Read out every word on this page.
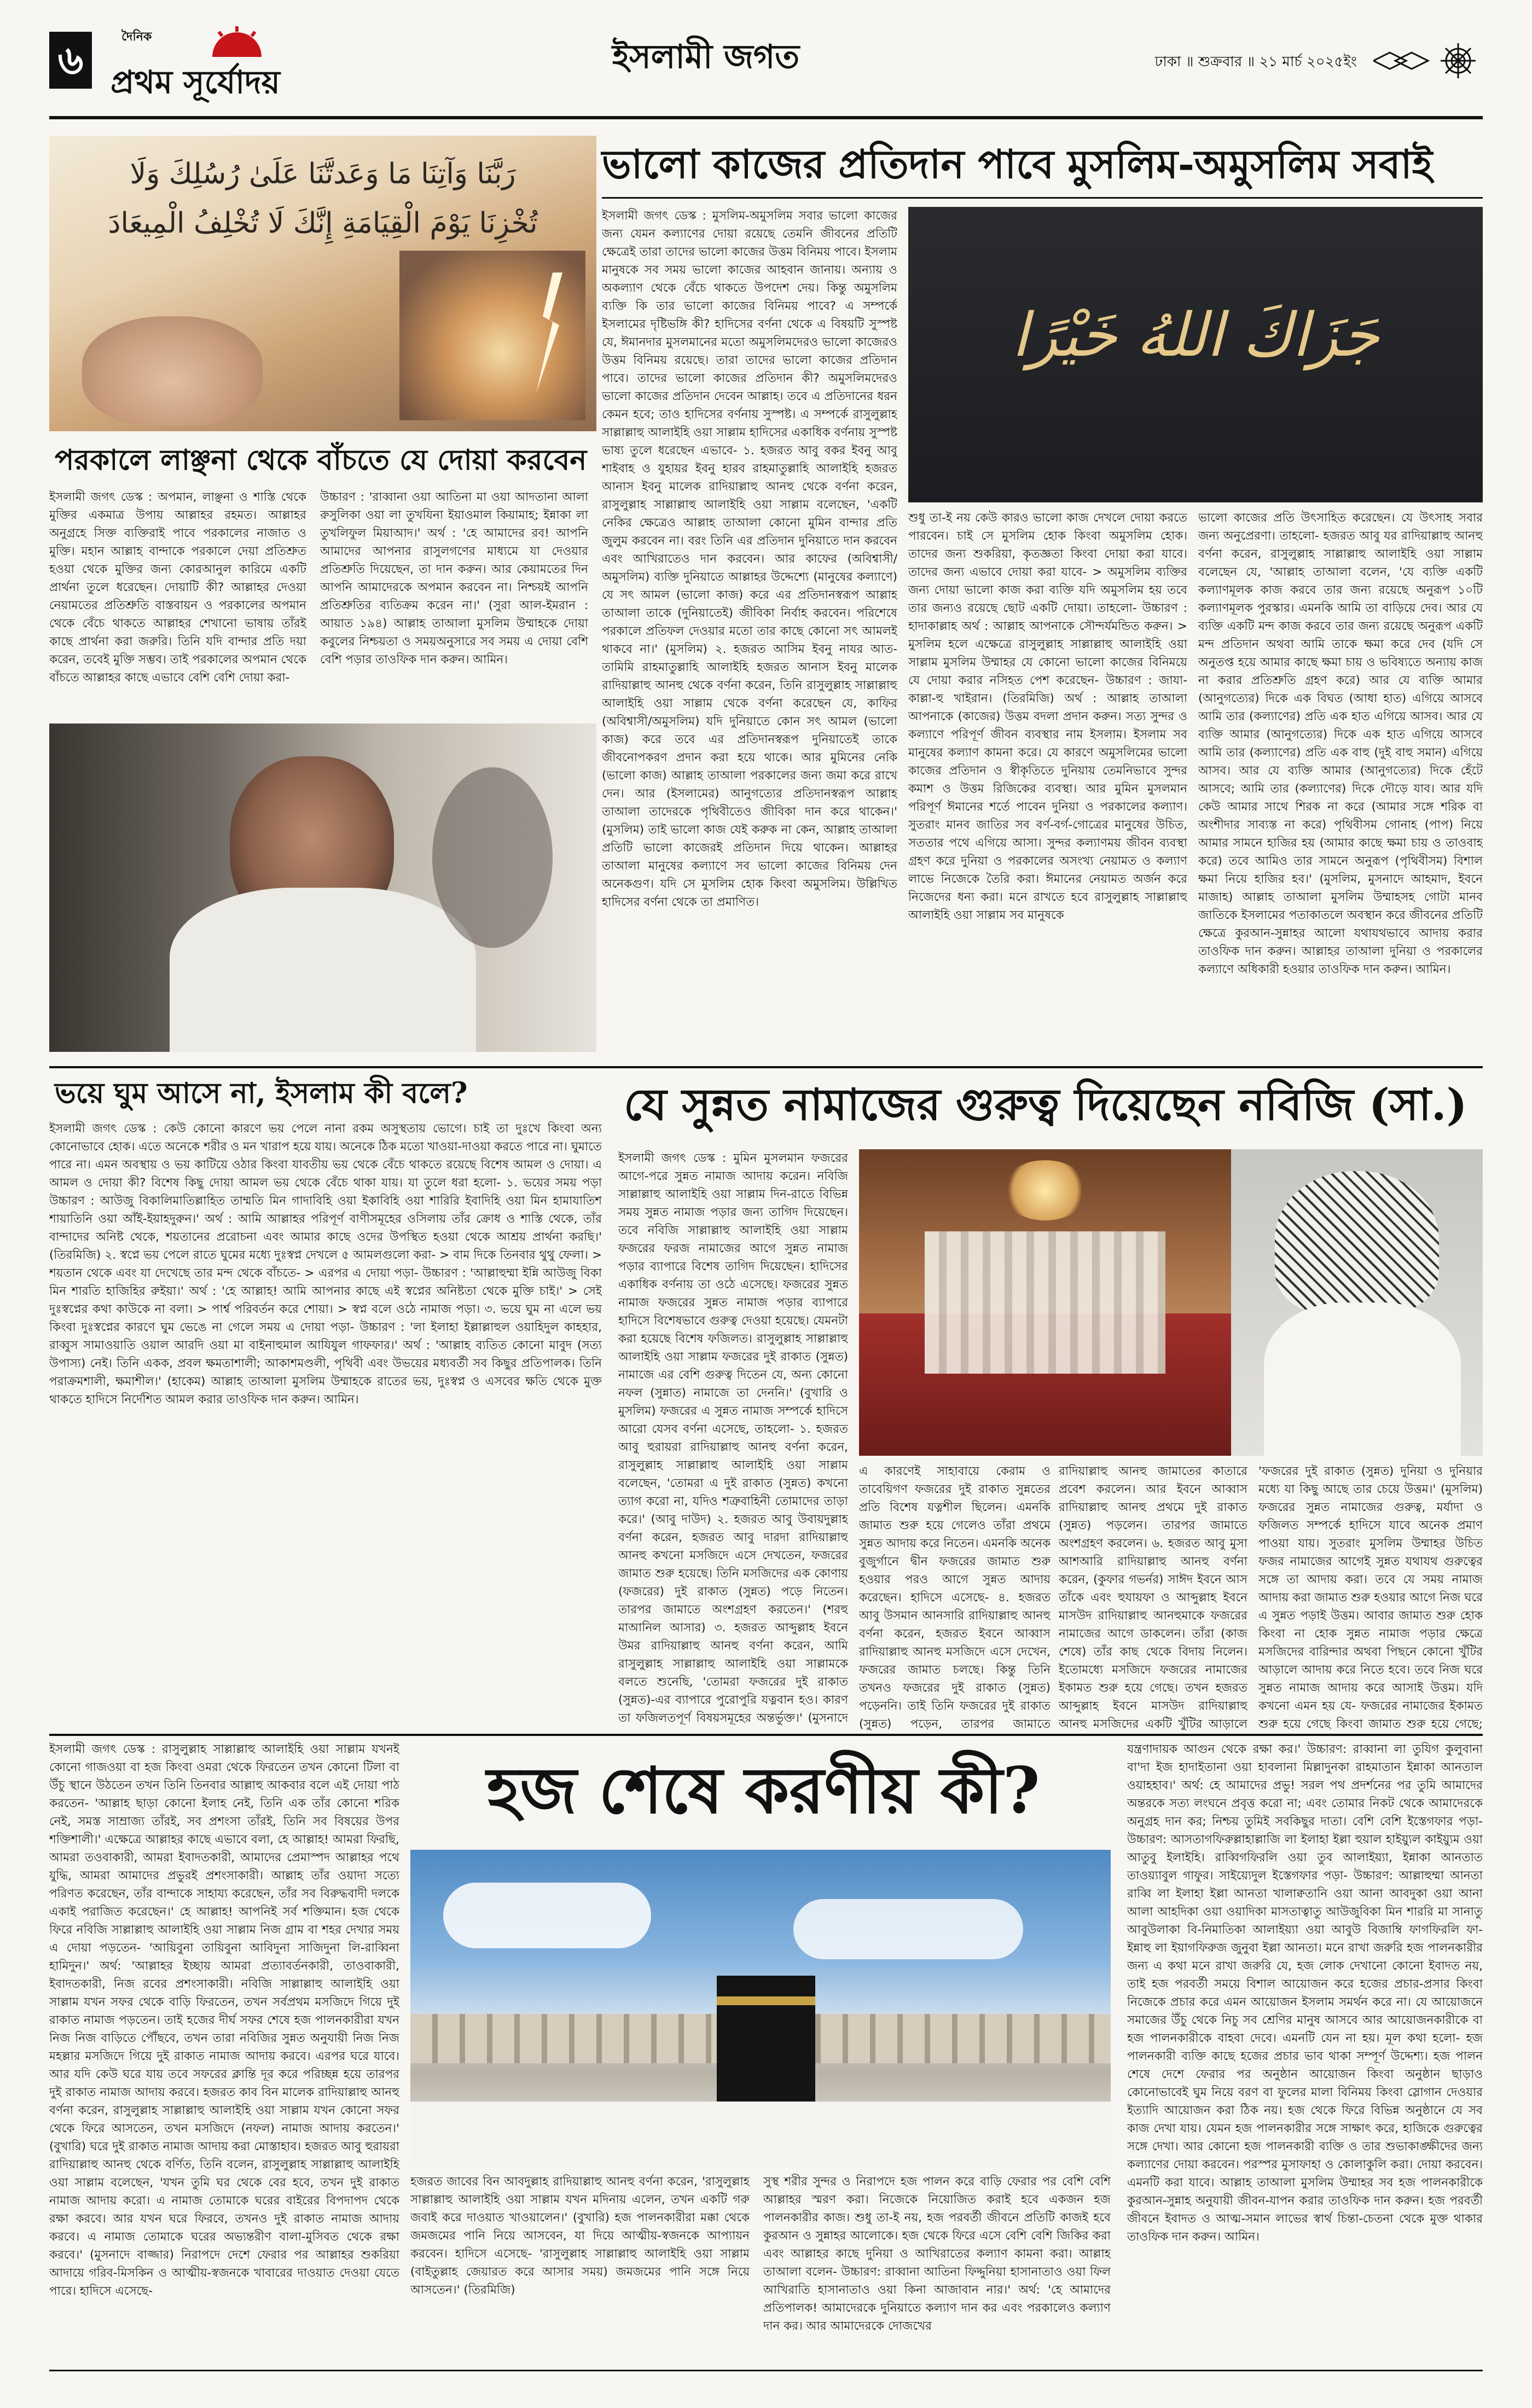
৬	দৈনিক
প্রথম সূর্যোদয়
ইসলামী জগত	ঢাকা ॥ শুক্রবার ॥ ২১ মার্চ ২০২৫ইং
رَبَّنَا وَآتِنَا مَا وَعَدتَّنَا عَلَىٰ رُسُلِكَ وَلَا
تُخْزِنَا يَوْمَ الْقِيَامَةِ إِنَّكَ لَا تُخْلِفُ الْمِيعَادَ
পরকালে লাঞ্ছনা থেকে বাঁচতে যে দোয়া করবেন

ইসলামী জগৎ ডেস্ক : অপমান, লাঞ্ছনা ও শাস্তি থেকে মুক্তির একমাত্র উপায় আল্লাহর রহমত। আল্লাহর অনুগ্রহে সিক্ত ব্যক্তিরাই পাবে পরকালের নাজাত ও মুক্তি। মহান আল্লাহ বান্দাকে পরকালে দেয়া প্রতিশ্রুত হওয়া থেকে মুক্তির জন্য কোরআনুল কারিমে একটি প্রার্থনা তুলে ধরেছেন। দোয়াটি কী? আল্লাহর দেওয়া নেয়ামতের প্রতিশ্রুতি বাস্তবায়ন ও পরকালের অপমান থেকে বেঁচে থাকতে আল্লাহর শেখানো ভাষায় তাঁরই কাছে প্রার্থনা করা জরুরি। তিনি যদি বান্দার প্রতি দয়া করেন, তবেই মুক্তি সম্ভব। তাই পরকালের অপমান থেকে বাঁচতে আল্লাহর কাছে এভাবে বেশি বেশি দোয়া করা-

উচ্চারণ : 'রাব্বানা ওয়া আতিনা মা ওয়া আদতানা আলা রুসুলিকা ওয়া লা তুখযিনা ইয়াওমাল কিয়ামাহ; ইন্নাকা লা তুখলিফুল মিয়াআদ।' অর্থ : 'হে আমাদের রব! আপনি আমাদের আপনার রাসুলগণের মাধ্যমে যা দেওয়ার প্রতিশ্রুতি দিয়েছেন, তা দান করুন। আর কেয়ামতের দিন আপনি আমাদেরকে অপমান করবেন না। নিশ্চয়ই আপনি প্রতিশ্রুতির ব্যতিক্রম করেন না।' (সুরা আল-ইমরান : আয়াত ১৯৪) আল্লাহ তাআলা মুসলিম উম্মাহকে দোয়া কবুলের নিশ্চয়তা ও সময়অনুসারে সব সময় এ দোয়া বেশি বেশি পড়ার তাওফিক দান করুন। আমিন।

ভালো কাজের প্রতিদান পাবে মুসলিম-অমুসলিম সবাই

ইসলামী জগৎ ডেস্ক : মুসলিম-অমুসলিম সবার ভালো কাজের জন্য যেমন কল্যাণের দোয়া রয়েছে তেমনি জীবনের প্রতিটি ক্ষেত্রেই তারা তাদের ভালো কাজের উত্তম বিনিময় পাবে। ইসলাম মানুষকে সব সময় ভালো কাজের আহবান জানায়। অন্যায় ও অকল্যাণ থেকে বেঁচে থাকতে উপদেশ দেয়। কিন্তু অমুসলিম ব্যক্তি কি তার ভালো কাজের বিনিময় পাবে? এ সম্পর্কে ইসলামের দৃষ্টিভঙ্গি কী? হাদিসের বর্ণনা থেকে এ বিষয়টি সুস্পষ্ট যে, ঈমানদার মুসলমানের মতো অমুসলিমদেরও ভালো কাজেরও উত্তম বিনিময় রয়েছে। তারা তাদের ভালো কাজের প্রতিদান পাবে। তাদের ভালো কাজের প্রতিদান কী? অমুসলিমদেরও ভালো কাজের প্রতিদান দেবেন আল্লাহ। তবে এ প্রতিদানের ধরন কেমন হবে; তাও হাদিসের বর্ণনায় সুস্পষ্ট। এ সম্পর্কে রাসুলুল্লাহ সাল্লাল্লাহু আলাইহি ওয়া সাল্লাম হাদিসের একাধিক বর্ণনায় সুস্পষ্ট ভাষ্য তুলে ধরেছেন এভাবে- ১. হজরত আবু বকর ইবনু আবু শাইবাহ ও যুহায়র ইবনু হারব রাহমাতুল্লাহি আলাইহি হজরত আনাস ইবনু মালেক রাদিয়াল্লাহু আনহু থেকে বর্ণনা করেন, রাসুলুল্লাহ সাল্লাল্লাহু আলাইহি ওয়া সাল্লাম বলেছেন, 'একটি নেকির ক্ষেত্রেও আল্লাহ তাআলা কোনো মুমিন বান্দার প্রতি জুলুম করবেন না। বরং তিনি এর প্রতিদান দুনিয়াতে দান করবেন এবং আখিরাতেও দান করবেন। আর কাফের (অবিশ্বাসী/অমুসলিম) ব্যক্তি দুনিয়াতে আল্লাহর উদ্দেশ্যে (মানুষের কল্যাণে) যে সৎ আমল (ভালো কাজ) করে এর প্রতিদানস্বরূপ আল্লাহ তাআলা তাকে (দুনিয়াতেই) জীবিকা নির্বাহ করবেন। পরিশেষে পরকালে প্রতিফল দেওয়ার মতো তার কাছে কোনো সৎ আমলই থাকবে না।' (মুসলিম) ২. হজরত আসিম ইবনু নাযর আত-তামিমি রাহমাতুল্লাহি আলাইহি হজরত আনাস ইবনু মালেক রাদিয়াল্লাহু আনহু থেকে বর্ণনা করেন, তিনি রাসুলুল্লাহ সাল্লাল্লাহু আলাইহি ওয়া সাল্লাম থেকে বর্ণনা করেছেন যে, কাফির (অবিশ্বাসী/অমুসলিম) যদি দুনিয়াতে কোন সৎ আমল (ভালো কাজ) করে তবে এর প্রতিদানস্বরূপ দুনিয়াতেই তাকে জীবনোপকরণ প্রদান করা হয়ে থাকে। আর মুমিনের নেকি (ভালো কাজ) আল্লাহ তাআলা পরকালের জন্য জমা করে রাখে দেন। আর (ইসলামের) আনুগত্যের প্রতিদানস্বরূপ আল্লাহ তাআলা তাদেরকে পৃথিবীতেও জীবিকা দান করে থাকেন।' (মুসলিম) তাই ভালো কাজ যেই করুক না কেন, আল্লাহ তাআলা প্রতিটি ভালো কাজেরই প্রতিদান দিয়ে থাকেন। আল্লাহর তাআলা মানুষের কল্যাণে সব ভালো কাজের বিনিময় দেন অনেকগুণ। যদি সে মুসলিম হোক কিংবা অমুসলিম। উল্লিখিত হাদিসের বর্ণনা থেকে তা প্রমাণিত।

جَزَاكَ اللهُ خَيْرًا

শুধু তা-ই নয় কেউ কারও ভালো কাজ দেখলে দোয়া করতে পারবেন। চাই সে মুসলিম হোক কিংবা অমুসলিম হোক। তাদের জন্য শুকরিয়া, কৃতজ্ঞতা কিংবা দোয়া করা যাবে। তাদের জন্য এভাবে দোয়া করা যাবে- > অমুসলিম ব্যক্তির জন্য দোয়া ভালো কাজ করা ব্যক্তি যদি অমুসলিম হয় তবে তার জন্যও রয়েছে ছোট একটি দোয়া। তাহলো- উচ্চারণ : হাদাকাল্লাহ অর্থ : আল্লাহ আপনাকে সৌন্দর্যমন্ডিত করুন। > মুসলিম হলে এক্ষেত্রে রাসুলুল্লাহ সাল্লাল্লাহু আলাইহি ওয়া সাল্লাম মুসলিম উম্মাহর যে কোনো ভালো কাজের বিনিময়ে যে দোয়া করার নসিহত পেশ করেছেন- উচ্চারণ : জাযা-কাল্লা-হু খাইরান। (তিরমিজি) অর্থ : আল্লাহ তাআলা আপনাকে (কাজের) উত্তম বদলা প্রদান করুন। সত্য সুন্দর ও কল্যাণে পরিপূর্ণ জীবন ব্যবস্থার নাম ইসলাম। ইসলাম সব মানুষের কল্যাণ কামনা করে। যে কারণে অমুসলিমের ভালো কাজের প্রতিদান ও স্বীকৃতিতে দুনিয়ায় তেমনিভাবে সুন্দর কমাশ ও উত্তম রিজিকের ব্যবস্থা। আর মুমিন মুসলমান পরিপূর্ণ ঈমানের শর্তে পাবেন দুনিয়া ও পরকালের কল্যাণ। সুতরাং মানব জাতির সব বর্ণ-বর্গ-গোত্রের মানুষের উচিত, সততার পথে এগিয়ে আসা। সুন্দর কল্যাণময় জীবন ব্যবস্থা গ্রহণ করে দুনিয়া ও পরকালের অসংখ্য নেয়ামত ও কল্যাণ লাভে নিজেকে তৈরি করা। ঈমানের নেয়ামত অর্জন করে নিজেদের ধন্য করা। মনে রাখতে হবে রাসুলুল্লাহ সাল্লাল্লাহু আলাইহি ওয়া সাল্লাম সব মানুষকে

ভালো কাজের প্রতি উৎসাহিত করেছেন। যে উৎসাহ সবার জন্য অনুপ্রেরণা। তাহলো- হজরত আবু যর রাদিয়াল্লাহু আনহু বর্ণনা করেন, রাসুলুল্লাহ সাল্লাল্লাহু আলাইহি ওয়া সাল্লাম বলেছেন যে, 'আল্লাহ তাআলা বলেন, 'যে ব্যক্তি একটি কল্যাণমূলক কাজ করবে তার জন্য রয়েছে অনুরূপ ১০টি কল্যাণমূলক পুরস্কার। এমনকি আমি তা বাড়িয়ে দেব। আর যে ব্যক্তি একটি মন্দ কাজ করবে তার জন্য রয়েছে অনুরূপ একটি মন্দ প্রতিদান অথবা আমি তাকে ক্ষমা করে দেব (যদি সে অনুতপ্ত হয়ে আমার কাছে ক্ষমা চায় ও ভবিষ্যতে অন্যায় কাজ না করার প্রতিশ্রুতি গ্রহণ করে) আর যে ব্যক্তি আমার (আনুগত্যের) দিকে এক বিঘত (আধা হাত) এগিয়ে আসবে আমি তার (কল্যাণের) প্রতি এক হাত এগিয়ে আসব। আর যে ব্যক্তি আমার (আনুগত্যের) দিকে এক হাত এগিয়ে আসবে আমি তার (কল্যাণের) প্রতি এক বাহু (দুই বাহু সমান) এগিয়ে আসব। আর যে ব্যক্তি আমার (আনুগত্যের) দিকে হেঁটে আসবে; আমি তার (কল্যাণের) দিকে দৌড়ে যাব। আর যদি কেউ আমার সাথে শিরক না করে (আমার সঙ্গে শরিক বা অংশীদার সাব্যস্ত না করে) পৃথিবীসম গোনাহ (পাপ) নিয়ে আমার সামনে হাজির হয় (আমার কাছে ক্ষমা চায় ও তাওবাহ করে) তবে আমিও তার সামনে অনুরূপ (পৃথিবীসম) বিশাল ক্ষমা নিয়ে হাজির হব।' (মুসলিম, মুসনাদে আহমাদ, ইবনে মাজাহ) আল্লাহ তাআলা মুসলিম উম্মাহসহ গোটা মানব জাতিকে ইসলামের পতাকাতলে অবস্থান করে জীবনের প্রতিটি ক্ষেত্রে কুরআন-সুন্নাহর আলো যথাযথভাবে আদায় করার তাওফিক দান করুন। আল্লাহর তাআলা দুনিয়া ও পরকালের কল্যাণে অধিকারী হওয়ার তাওফিক দান করুন। আমিন।

ভয়ে ঘুম আসে না, ইসলাম কী বলে?

ইসলামী জগৎ ডেস্ক : কেউ কোনো কারণে ভয় পেলে নানা রকম অসুস্থতায় ভোগে। চাই তা দুঃখে কিংবা অন্য কোনোভাবে হোক। এতে অনেকে শরীর ও মন খারাপ হয়ে যায়। অনেকে ঠিক মতো খাওয়া-দাওয়া করতে পারে না। ঘুমাতে পারে না। এমন অবস্থায় ও ভয় কাটিয়ে ওঠার কিংবা যাবতীয় ভয় থেকে বেঁচে থাকতে রয়েছে বিশেষ আমল ও দোয়া। এ আমল ও দোয়া কী? বিশেষ কিছু দোয়া আমল ভয় থেকে বেঁচে থাকা যায়। যা তুলে ধরা হলো- ১. ভয়ের সময় পড়া উচ্চারণ : আউজু বিকালিমাতিল্লাহিত তাম্মতি মিন গাদাবিহি ওয়া ইকাবিহি ওয়া শারিরি ইবাদিহি ওয়া মিন হামাযাতিশ শায়াতিনি ওয়া আঁই-ইয়াহদুরুন।' অর্থ : আমি আল্লাহর পরিপূর্ণ বাণীসমূহের ওসিলায় তাঁর ক্রোধ ও শাস্তি থেকে, তাঁর বান্দাদের অনিষ্ট থেকে, শয়তানের প্ররোচনা এবং আমার কাছে ওদের উপস্থিত হওয়া থেকে আশ্রয় প্রার্থনা করছি।' (তিরমিজি) ২. স্বপ্নে ভয় পেলে রাতে ঘুমের মধ্যে দুঃস্বপ্ন দেখলে ৫ আমলগুলো করা- > বাম দিকে তিনবার থুথু ফেলা। > শয়তান থেকে এবং যা দেখেছে তার মন্দ থেকে বাঁচতে- > এরপর এ দোয়া পড়া- উচ্চারণ : 'আল্লাহুম্মা ইন্নি আউজু বিকা মিন শারতি হাজিহির রুইয়া।' অর্থ : 'হে আল্লাহ! আমি আপনার কাছে এই স্বপ্নের অনিষ্টতা থেকে মুক্তি চাই।' > সেই দুঃস্বপ্নের কথা কাউকে না বলা। > পার্শ্ব পরিবর্তন করে শোয়া। > স্বপ্ন বলে ওঠে নামাজ পড়া। ৩. ভয়ে ঘুম না এলে ভয় কিংবা দুঃস্বপ্নের কারণে ঘুম ভেঙে না গেলে সময় এ দোয়া পড়া- উচ্চারণ : 'লা ইলাহা ইল্লাল্লাহুল ওয়াহিদুল কাহহার, রাব্বুস সামাওয়াতি ওয়াল আরদি ওয়া মা বাইনাহুমাল আযিযুল গাফফার।' অর্থ : 'আল্লাহ ব্যতিত কোনো মাবুদ (সত্য উপাস্য) নেই। তিনি একক, প্রবল ক্ষমতাশালী; আকাশমণ্ডলী, পৃথিবী এবং উভয়ের মধ্যবর্তী সব কিছুর প্রতিপালক। তিনি পরাক্রমশালী, ক্ষমাশীল।' (হাকেম) আল্লাহ তাআলা মুসলিম উম্মাহকে রাতের ভয়, দুঃস্বপ্ন ও এসবের ক্ষতি থেকে মুক্ত থাকতে হাদিসে নির্দেশিত আমল করার তাওফিক দান করুন। আমিন।

যে সুন্নত নামাজের গুরুত্ব দিয়েছেন নবিজি (সা.)

ইসলামী জগৎ ডেস্ক : মুমিন মুসলমান ফজরের আগে-পরে সুন্নত নামাজ আদায় করেন। নবিজি সাল্লাল্লাহু আলাইহি ওয়া সাল্লাম দিন-রাতে বিভিন্ন সময় সুন্নত নামাজ পড়ার জন্য তাগিদ দিয়েছেন। তবে নবিজি সাল্লাল্লাহু আলাইহি ওয়া সাল্লাম ফজরের ফরজ নামাজের আগে সুন্নত নামাজ পড়ার ব্যাপারে বিশেষ তাগিদ দিয়েছেন। হাদিসের একাধিক বর্ণনায় তা ওঠে এসেছে। ফজরের সুন্নত নামাজ ফজরের সুন্নত নামাজ পড়ার ব্যাপারে হাদিসে বিশেষভাবে গুরুত্ব দেওয়া হয়েছে। যেমনটা করা হয়েছে বিশেষ ফজিলত। রাসুলুল্লাহ সাল্লাল্লাহু আলাইহি ওয়া সাল্লাম ফজরের দুই রাকাত (সুন্নত) নামাজে এর বেশি গুরুত্ব দিতেন যে, অন্য কোনো নফল (সুন্নাত) নামাজে তা দেননি।' (বুখারি ও মুসলিম) ফজরের এ সুন্নত নামাজ সম্পর্কে হাদিসে আরো যেসব বর্ণনা এসেছে, তাহলো- ১. হজরত আবু হুরায়রা রাদিয়াল্লাহু আনহু বর্ণনা করেন, রাসুলুল্লাহ সাল্লাল্লাহু আলাইহি ওয়া সাল্লাম বলেছেন, 'তোমরা এ দুই রাকাত (সুন্নত) কখনো ত্যাগ করো না, যদিও শত্রুবাহিনী তোমাদের তাড়া করে।' (আবু দাউদ) ২. হজরত আবু উবায়দুল্লাহ বর্ণনা করেন, হজরত আবু দারদা রাদিয়াল্লাহু আনহু কখনো মসজিদে এসে দেখতেন, ফজরের জামাত শুরু হয়েছে। তিনি মসজিদের এক কোণায় (ফজরের) দুই রাকাত (সুন্নত) পড়ে নিতেন। তারপর জামাতে অংশগ্রহণ করতেন।' (শরহু মাআনিল আসার) ৩. হজরত আব্দুল্লাহ ইবনে উমর রাদিয়াল্লাহু আনহু বর্ণনা করেন, আমি রাসুলুল্লাহ সাল্লাল্লাহু আলাইহি ওয়া সাল্লামকে বলতে শুনেছি, 'তোমরা ফজরের দুই রাকাত (সুন্নত)-এর ব্যাপারে পুরোপুরি যত্নবান হও। কারণ তা ফজিলতপূর্ণ বিষয়সমূহের অন্তর্ভুক্ত।' (মুসনাদে

এ কারণেই সাহাবায়ে কেরাম ও তাবেয়িগণ ফজরের দুই রাকাত সুন্নতের প্রতি বিশেষ যত্নশীল ছিলেন। এমনকি জামাত শুরু হয়ে গেলেও তাঁরা প্রথমে সুন্নত আদায় করে নিতেন। এমনকি অনেক বুজুর্গানে দ্বীন ফজরের জামাত শুরু হওয়ার পরও আগে সুন্নত আদায় করেছেন। হাদিসে এসেছে- ৪. হজরত আবু উসমান আনসারি রাদিয়াল্লাহু আনহু বর্ণনা করেন, হজরত ইবনে আব্বাস রাদিয়াল্লাহু আনহু মসজিদে এসে দেখেন, ফজরের জামাত চলছে। কিন্তু তিনি তখনও ফজরের দুই রাকাত (সুন্নত) পড়েননি। তাই তিনি ফজরের দুই রাকাত (সুন্নত) পড়েন, তারপর জামাতে

রাদিয়াল্লাহু আনহু জামাতের কাতারে প্রবেশ করলেন। আর ইবনে আব্বাস রাদিয়াল্লাহু আনহু প্রথমে দুই রাকাত (সুন্নত) পড়লেন। তারপর জামাতে অংশগ্রহণ করলেন। ৬. হজরত আবু মুসা আশআরি রাদিয়াল্লাহু আনহু বর্ণনা করেন, (কুফার গভর্নর) সাঈদ ইবনে আস তাঁকে এবং হুযায়ফা ও আব্দুল্লাহ ইবনে মাসউদ রাদিয়াল্লাহু আনহুমাকে ফজরের নামাজের আগে ডাকলেন। তাঁরা (কাজ শেষে) তাঁর কাছ থেকে বিদায় নিলেন। ইতোমধ্যে মসজিদে ফজরের নামাজের ইকামত শুরু হয়ে গেছে। তখন হজরত আব্দুল্লাহ ইবনে মাসউদ রাদিয়াল্লাহু আনহু মসজিদের একটি খুঁটির আড়ালে

'ফজরের দুই রাকাত (সুন্নত) দুনিয়া ও দুনিয়ার মধ্যে যা কিছু আছে তার চেয়ে উত্তম।' (মুসলিম) ফজরের সুন্নত নামাজের গুরুত্ব, মর্যাদা ও ফজিলত সম্পর্কে হাদিসে যাবে অনেক প্রমাণ পাওয়া যায়। সুতরাং মুসলিম উম্মাহর উচিত ফজর নামাজের আগেই সুন্নত যথাযথ গুরুত্বের সঙ্গে তা আদায় করা। তবে যে সময় নামাজ আদায় করা জামাত শুরু হওয়ার আগে নিজ ঘরে এ সুন্নত পড়াই উত্তম। আবার জামাত শুরু হোক কিংবা না হোক সুন্নত নামাজ পড়ার ক্ষেত্রে মসজিদের বারিন্দার অথবা পিছনে কোনো খুঁটির আড়ালে আদায় করে নিতে হবে। তবে নিজ ঘরে সুন্নত নামাজ আদায় করে আসাই উত্তম। যদি কখনো এমন হয় যে- ফজরের নামাজের ইকামত শুরু হয়ে গেছে কিংবা জামাত শুরু হয়ে গেছে;

ইসলামী জগৎ ডেস্ক : রাসুলুল্লাহ সাল্লাল্লাহু আলাইহি ওয়া সাল্লাম যখনই কোনো গাজওয়া বা হজ কিংবা ওমরা থেকে ফিরতেন তখন কোনো টিলা বা উঁচু স্থানে উঠতেন তখন তিনি তিনবার আল্লাহু আকবার বলে এই দোয়া পাঠ করতেন- 'আল্লাহ ছাড়া কোনো ইলাহ নেই, তিনি এক তাঁর কোনো শরিক নেই, সমস্ত সাম্রাজ্য তাঁরই, সব প্রশংসা তাঁরই, তিনি সব বিষয়ের উপর শক্তিশালী।' এক্ষেত্রে আল্লাহর কাছে এভাবে বলা, হে আল্লাহ! আমরা ফিরছি, আমরা তওবাকারী, আমরা ইবাদতকারী, আমাদের প্রেমাস্পদ আল্লাহর পথে যুদ্ধি, আমরা আমাদের প্রভুরই প্রশংসাকারী। আল্লাহ তাঁর ওয়াদা সত্যে পরিণত করেছেন, তাঁর বান্দাকে সাহায্য করেছেন, তাঁর সব বিরুদ্ধবাদী দলকে একাই পরাজিত করেছেন।' হে আল্লাহ! আপনিই সর্ব শক্তিমান। হজ থেকে ফিরে নবিজি সাল্লাল্লাহু আলাইহি ওয়া সাল্লাম নিজ গ্রাম বা শহর দেখার সময় এ দোয়া পড়তেন- 'আয়িবুনা তায়িবুনা আবিদুনা সাজিদুনা লি-রাব্বিনা হামিদুন।' অর্থ: 'আল্লাহর ইচ্ছায় আমরা প্রত্যাবর্তনকারী, তাওবাকারী, ইবাদতকারী, নিজ রবের প্রশংসাকারী। নবিজি সাল্লাল্লাহু আলাইহি ওয়া সাল্লাম যখন সফর থেকে বাড়ি ফিরতেন, তখন সর্বপ্রথম মসজিদে গিয়ে দুই রাকাত নামাজ পড়তেন। তাই হজের দীর্ঘ সফর শেষে হজ পালনকারীরা যখন নিজ নিজ বাড়িতে পৌঁছবে, তখন তারা নবিজির সুন্নত অনুযায়ী নিজ নিজ মহল্লার মসজিদে গিয়ে দুই রাকাত নামাজ আদায় করবে। এরপর ঘরে যাবে। আর যদি কেউ ঘরে যায় তবে সফরের ক্লান্তি দূর করে পরিচ্ছন্ন হয়ে তারপর দুই রাকাত নামাজ আদায় করবে। হজরত কাব বিন মালেক রাদিয়াল্লাহু আনহু বর্ণনা করেন, রাসুলুল্লাহ সাল্লাল্লাহু আলাইহি ওয়া সাল্লাম যখন কোনো সফর থেকে ফিরে আসতেন, তখন মসজিদে (নফল) নামাজ আদায় করতেন।' (বুখারি) ঘরে দুই রাকাত নামাজ আদায় করা মোস্তাহাব। হজরত আবু হুরায়রা রাদিয়াল্লাহু আনহু থেকে বর্ণিত, তিনি বলেন, রাসুলুল্লাহ সাল্লাল্লাহু আলাইহি ওয়া সাল্লাম বলেছেন, 'যখন তুমি ঘর থেকে বের হবে, তখন দুই রাকাত নামাজ আদায় করো। এ নামাজ তোমাকে ঘরের বাইরের বিপদাপদ থেকে রক্ষা করবে। আর যখন ঘরে ফিরবে, তখনও দুই রাকাত নামাজ আদায় করবে। এ নামাজ তোমাকে ঘরের অভ্যন্তরীণ বালা-মুসিবত থেকে রক্ষা করবে।' (মুসনাদে বাজ্জার) নিরাপদে দেশে ফেরার পর আল্লাহর শুকরিয়া আদায়ে গরিব-মিসকিন ও আত্মীয়-স্বজনকে খাবারের দাওয়াত দেওয়া যেতে পারে। হাদিসে এসেছে-

হজ শেষে করণীয় কী?

হজরত জাবের বিন আবদুল্লাহ রাদিয়াল্লাহু আনহু বর্ণনা করেন, 'রাসুলুল্লাহ সাল্লাল্লাহু আলাইহি ওয়া সাল্লাম যখন মদিনায় এলেন, তখন একটি গরু জবাই করে দাওয়াত খাওয়ালেন।' (বুখারি) হজ পালনকারীরা মক্কা থেকে জমজমের পানি নিয়ে আসবেন, যা দিয়ে আত্মীয়-স্বজনকে আপ্যায়ন করবেন। হাদিসে এসেছে- 'রাসুলুল্লাহ সাল্লাল্লাহু আলাইহি ওয়া সাল্লাম (বাইতুল্লাহ জেয়ারত করে আসার সময়) জমজমের পানি সঙ্গে নিয়ে আসতেন।' (তিরমিজি)

সুস্থ শরীর সুন্দর ও নিরাপদে হজ পালন করে বাড়ি ফেরার পর বেশি বেশি আল্লাহর স্মরণ করা। নিজেকে নিয়োজিত করাই হবে একজন হজ পালনকারীর কাজ। শুধু তা-ই নয়, হজ পরবর্তী জীবনে প্রতিটি কাজই হবে কুরআন ও সুন্নাহর আলোকে। হজ থেকে ফিরে এসে বেশি বেশি জিকির করা এবং আল্লাহর কাছে দুনিয়া ও আখিরাতের কল্যাণ কামনা করা। আল্লাহ তাআলা বলেন- উচ্চারণ: রাব্বানা আতিনা ফিদ্দুনিয়া হাসানাতাও ওয়া ফিল আখিরাতি হাসানাতাও ওয়া কিনা আজাবান নার।' অর্থ: 'হে আমাদের প্রতিপালক! আমাদেরকে দুনিয়াতে কল্যাণ দান কর এবং পরকালেও কল্যাণ দান কর। আর আমাদেরকে দোজখের

যন্ত্রণাদায়ক আগুন থেকে রক্ষা কর।' উচ্চারণ: রাব্বানা লা তুযিগ কুলুবানা বা'দা ইজ হাদাইতানা ওয়া হাবলানা মিল্লাদুনকা রাহমাতান ইন্নাকা আনতাল ওয়াহহাব।' অর্থ: হে আমাদের প্রভু! সরল পথ প্রদর্শনের পর তুমি আমাদের অন্তরকে সত্য লংঘনে প্রবৃত্ত করো না; এবং তোমার নিকট থেকে আমাদেরকে অনুগ্রহ দান কর; নিশ্চয় তুমিই সবকিছুর দাতা। বেশি বেশি ইস্তেগফার পড়া- উচ্চারণ: আসতাগফিরুল্লাহাল্লাজি লা ইলাহা ইল্লা হুয়াল হাইয়্যুল কাইয়্যুম ওয়া আতুবু ইলাইহি। রাব্বিগফিরলি ওয়া তুব আলাইয়্যা, ইন্নাকা আনতাত তাওয়্যাবুল গাফুর। সাইয়্যেদুল ইস্তেগফার পড়া- উচ্চারণ: আল্লাহুম্মা আনতা রাব্বি লা ইলাহা ইল্লা আনতা খালাক্বতানি ওয়া আনা আবদুকা ওয়া আনা আলা আহদিকা ওয়া ওয়াদিকা মাসতাত্বাতু আউজুবিকা মিন শাররি মা সানাতু আবুউলাকা বি-নিমাতিকা আলাইয়্যা ওয়া আবুউ বিজাম্বি ফাগফিরলি ফা-ইন্নাহু লা ইয়াগফিরুজ জুনুবা ইল্লা আনতা। মনে রাখা জরুরি হজ পালনকারীর জন্য এ কথা মনে রাখা জরুরি যে, হজ লোক দেখানো কোনো ইবাদত নয়, তাই হজ পরবর্তী সময়ে বিশাল আয়োজন করে হজের প্রচার-প্রসার কিংবা নিজেকে প্রচার করে এমন আয়োজন ইসলাম সমর্থন করে না। যে আয়োজনে সমাজের উঁচু থেকে নিচু সব শ্রেণির মানুষ আসবে আর আয়োজনকারীকে বা হজ পালনকারীকে বাহবা দেবে। এমনটি যেন না হয়। মূল কথা হলো- হজ পালনকারী ব্যক্তি কাছে হজের প্রচার ভাব থাকা সম্পূর্ণ উদ্দেশ্য। হজ পালন শেষে দেশে ফেরার পর অনুষ্ঠান আয়োজন কিংবা অনুষ্ঠান ছাড়াও কোনোভাবেই ঘুম নিয়ে বরণ বা ফুলের মালা বিনিময় কিংবা স্লোগান দেওয়ার ইত্যাদি আয়োজন করা ঠিক নয়। হজ থেকে ফিরে বিভিন্ন অনুষ্ঠানে যে সব কাজ দেখা যায়। যেমন হজ পালনকারীর সঙ্গে সাক্ষাৎ করে, হাজিকে গুরুত্বের সঙ্গে দেখা। আর কোনো হজ পালনকারী ব্যক্তি ও তার শুভাকাঙ্ক্ষীদের জন্য কল্যাণের দোয়া করবেন। পরস্পর মুসাফাহা ও কোলাকুলি করা। দোয়া করবেন। এমনটি করা যাবে। আল্লাহ তাআলা মুসলিম উম্মাহর সব হজ পালনকারীকে কুরআন-সুন্নাহ অনুযায়ী জীবন-যাপন করার তাওফিক দান করুন। হজ পরবর্তী জীবনে ইবাদত ও আত্ম-সমান লাভের স্বার্থ চিন্তা-চেতনা থেকে মুক্ত থাকার তাওফিক দান করুন। আমিন।
